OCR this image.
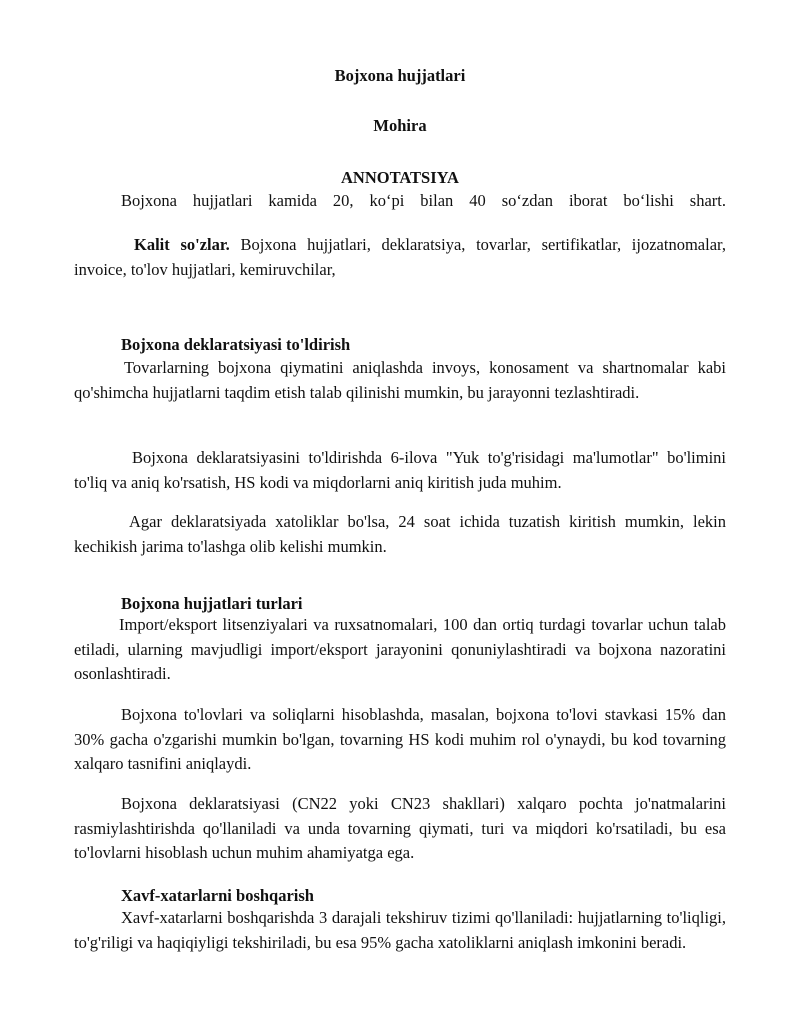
Bojxona hujjatlari
Mohira
ANNOTATSIYA

Bojxona hujjatlari kamida 20, ko‘pi bilan 40 so‘zdan iborat bo‘lishi shart.

Kalit so'zlar. Bojxona hujjatlari, deklaratsiya, tovarlar, sertifikatlar, ijozatnomalar, invoice, to'lov hujjatlari, kemiruvchilar,

Bojxona deklaratsiyasi to'ldirish

Tovarlarning bojxona qiymatini aniqlashda invoys, konosament va shartnomalar kabi qo'shimcha hujjatlarni taqdim etish talab qilinishi mumkin, bu jarayonni tezlashtiradi.

Bojxona deklaratsiyasini to'ldirishda 6-ilova "Yuk to'g'risidagi ma'lumotlar" bo'limini to'liq va aniq ko'rsatish, HS kodi va miqdorlarni aniq kiritish juda muhim.

Agar deklaratsiyada xatoliklar bo'lsa, 24 soat ichida tuzatish kiritish mumkin, lekin kechikish jarima to'lashga olib kelishi mumkin.

Bojxona hujjatlari turlari

Import/eksport litsenziyalari va ruxsatnomalari, 100 dan ortiq turdagi tovarlar uchun talab etiladi, ularning mavjudligi import/eksport jarayonini qonuniylashtiradi va bojxona nazoratini osonlashtiradi.

Bojxona to'lovlari va soliqlarni hisoblashda, masalan, bojxona to'lovi stavkasi 15% dan 30% gacha o'zgarishi mumkin bo'lgan, tovarning HS kodi muhim rol o'ynaydi, bu kod tovarning xalqaro tasnifini aniqlaydi.

Bojxona deklaratsiyasi (CN22 yoki CN23 shakllari) xalqaro pochta jo'natmalarini rasmiylashtirishda qo'llaniladi va unda tovarning qiymati, turi va miqdori ko'rsatiladi, bu esa to'lovlarni hisoblash uchun muhim ahamiyatga ega.

Xavf-xatarlarni boshqarish

Xavf-xatarlarni boshqarishda 3 darajali tekshiruv tizimi qo'llaniladi: hujjatlarning to'liqligi, to'g'riligi va haqiqiyligi tekshiriladi, bu esa 95% gacha xatoliklarni aniqlash imkonini beradi.
